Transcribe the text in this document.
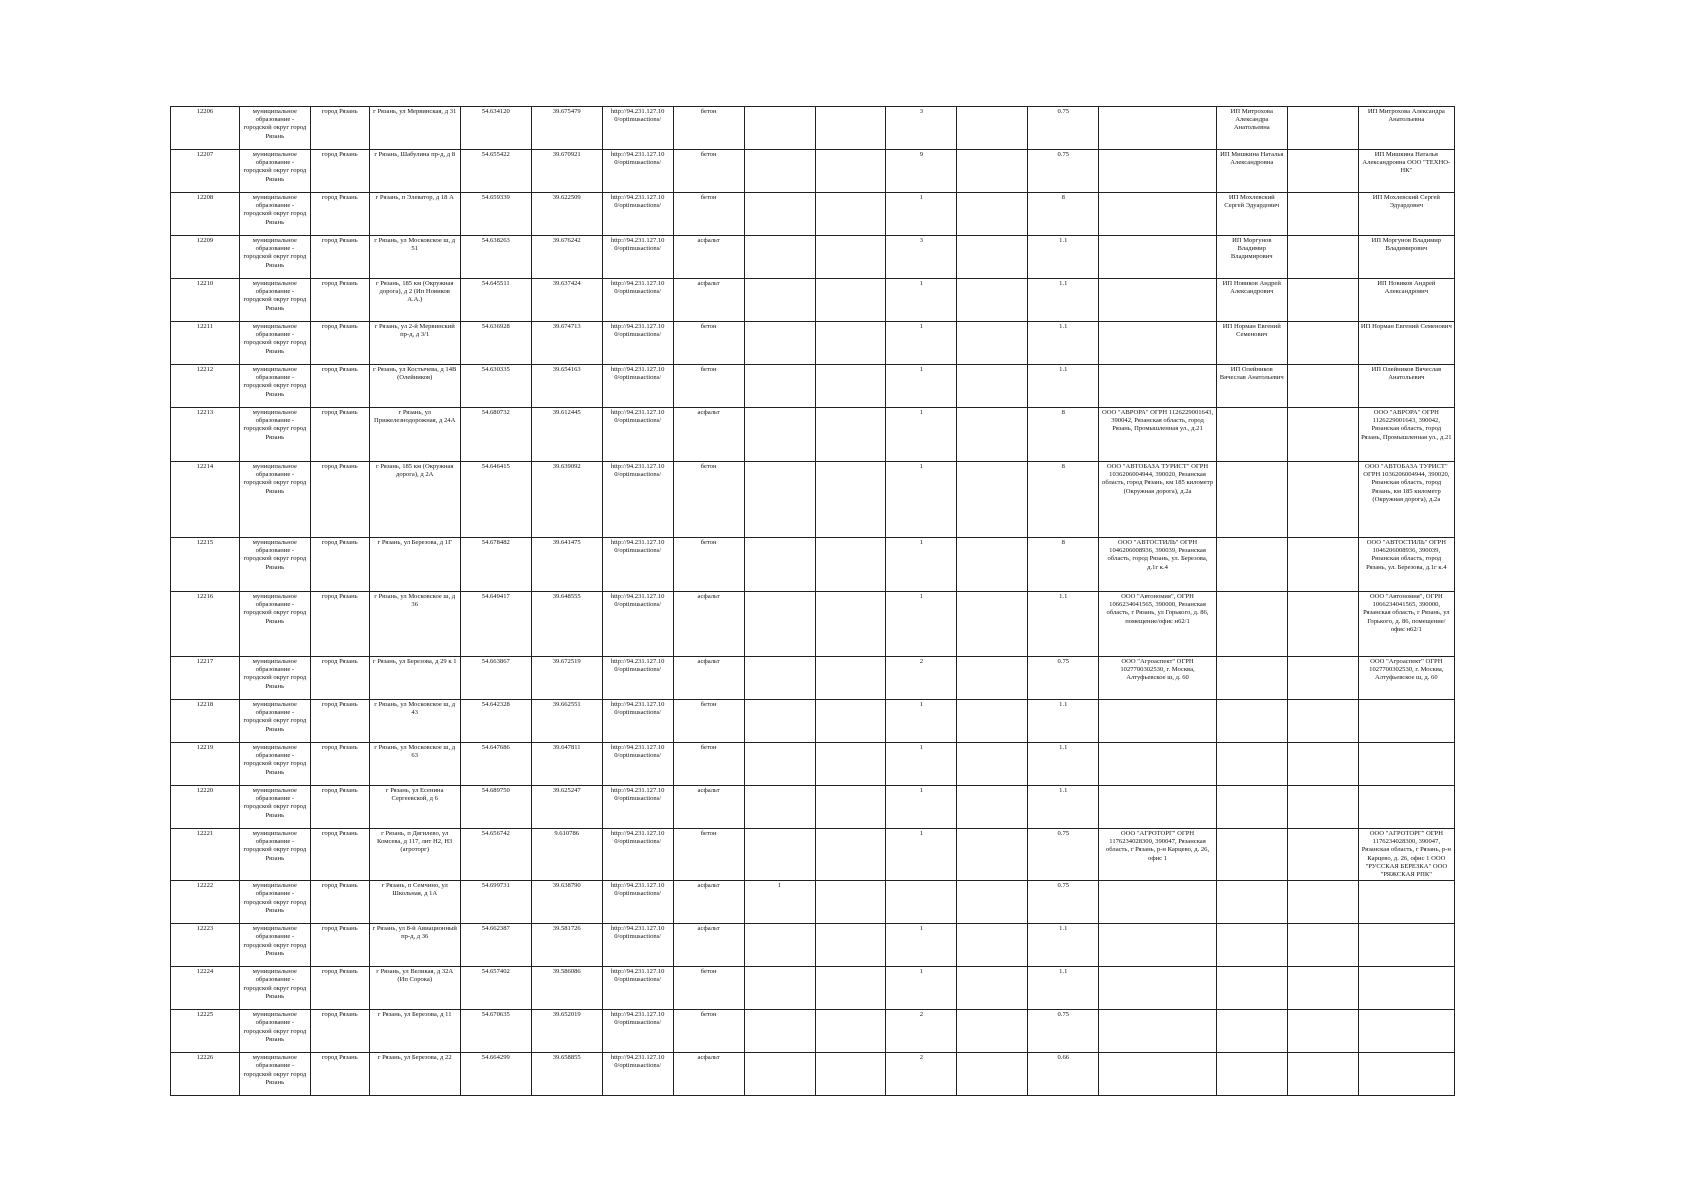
12206	муниципальное образование - городской округ город Рязань	город Рязань	г Рязань, ул Мервинская, д 31	54.634120	39.675479	http://94.231.127.10 0/optimusactions/	бетон			3		0.75		ИП Митрохова Александра Анатольевна		ИП Митрохова Александра Анатольевна
12207	муниципальное образование - городской округ город Рязань	город Рязань	г Рязань, Шабулина пр-д, д 8	54.655422	39.670921	http://94.231.127.10 0/optimusactions/	бетон			9		0.75		ИП Мишкина Наталья Александровна		ИП Мишкина Наталья Александровна ООО "ТЕХНО-НК"
12208	муниципальное образование - городской округ город Рязань	город Рязань	г Рязань, п Элеватор, д 18 А	54.659339	39.622509	http://94.231.127.10 0/optimusactions/	бетон			1		8		ИП Мохлевский Сергей Эдуардович		ИП Мохлевский Сергей Эдуардович
12209	муниципальное образование - городской округ город Рязань	город Рязань	г Рязань, ул Московское ш, д 51	54.638263	39.676242	http://94.231.127.10 0/optimusactions/	асфальт			3		1.1		ИП Моргунов Владимир Владимирович		ИП Моргунов Владимир Владимирович
12210	муниципальное образование - городской округ город Рязань	город Рязань	г Рязань, 185 км (Окружная дорога), д 2 (Ип Новиков А.А.)	54.645511	39.637424	http://94.231.127.10 0/optimusactions/	асфальт			1		1.1		ИП Новиков Андрей Александрович		ИП Новиков Андрей Александрович
12211	муниципальное образование - городской округ город Рязань	город Рязань	г Рязань, ул 2-й Мервинский пр-д, д 3/1	54.636928	39.674713	http://94.231.127.10 0/optimusactions/	бетон			1		1.1		ИП Норман Евгений Семенович		ИП Норман Евгений Семенович
12212	муниципальное образование - городской округ город Рязань	город Рязань	г Рязань, ул Костычева, д 14В (Олейников)	54.630335	39.654163	http://94.231.127.10 0/optimusactions/	бетон			1		1.1		ИП Олейников Вячеслав Анатольевич		ИП Олейников Вячеслав Анатольевич
12213	муниципальное образование - городской округ город Рязань	город Рязань	г Рязань, ул Прижелезнодорожная, д 24А	54.680732	39.612445	http://94.231.127.10 0/optimusactions/	асфальт			1		8	ООО "АВРОРА" ОГРН 1126229001643, 390042, Рязанская область, город Рязань, Промышленная ул., д.21			ООО "АВРОРА" ОГРН 1126229001643, 390042, Рязанская область, город Рязань, Промышленная ул., д.21
12214	муниципальное образование - городской округ город Рязань	город Рязань	г Рязань, 185 км (Окружная дорога), д 2А	54.646415	39.639092	http://94.231.127.10 0/optimusactions/	бетон			1		8	ООО "АВТОБАЗА ТУРИСТ" ОГРН 1036206004944, 390020, Рязанская область, город Рязань, км 185 километр (Окружная дорога), д.2а			ООО "АВТОБАЗА ТУРИСТ" ОГРН 1036206004944, 390020, Рязанская область, город Рязань, км 185 километр (Окружная дорога), д.2а
12215	муниципальное образование - городской округ город Рязань	город Рязань	г Рязань, ул Березова, д 1Г	54.678482	39.641475	http://94.231.127.10 0/optimusactions/	бетон			1		8	ООО "АВТОСТИЛЬ" ОГРН 1046206008936, 390039, Рязанская область, город Рязань, ул. Березова, д.1г к.4			ООО "АВТОСТИЛЬ" ОГРН 1046206008936, 390039, Рязанская область, город Рязань, ул. Березова, д.1г к.4
12216	муниципальное образование - городской округ город Рязань	город Рязань	г Рязань, ул Московское ш, д 36	54.649417	39.648555	http://94.231.127.10 0/optimusactions/	асфальт			1		1.1	ООО "Автономия", ОГРН 1066234041565, 390000, Рязанская область, г Рязань, ул Горького, д. 86, помещение/офис н62/1			ООО "Автономия", ОГРН 1066234041565, 390000, Рязанская область, г Рязань, ул Горького, д. 86, помещение/офис н62/1
12217	муниципальное образование - городской округ город Рязань	город Рязань	г Рязань, ул Березова, д 29 к 1	54.663867	39.672519	http://94.231.127.10 0/optimusactions/	асфальт			2		0.75	ООО "Агроаспект" ОГРН 1027700302530, г. Москва, Алтуфьевское ш, д. 60			ООО "Агроаспект" ОГРН 1027700302530, г. Москва, Алтуфьевское ш, д. 60
12218	муниципальное образование - городской округ город Рязань	город Рязань	г Рязань, ул Московское ш, д 43	54.642328	39.662551	http://94.231.127.10 0/optimusactions/	бетон			1		1.1				
12219	муниципальное образование - городской округ город Рязань	город Рязань	г Рязань, ул Московское ш, д 63	54.647686	39.647811	http://94.231.127.10 0/optimusactions/	бетон			1		1.1				
12220	муниципальное образование - городской округ город Рязань	город Рязань	г Рязань, ул Есенина Сергеевской, д 6	54.689750	39.625247	http://94.231.127.10 0/optimusactions/	асфальт			1		1.1				
12221	муниципальное образование - городской округ город Рязань	город Рязань	г Рязань, п Дягилево, ул Комсева, д 117, лит Н2, Н3 (агроторг)	54.656742	9.610786	http://94.231.127.10 0/optimusactions/	бетон			1		0.75	ООО "АГРОТОРГ" ОГРН 1176234028300, 390047, Рязанская область, г Рязань, р-н Карцево, д. 26, офис 1			ООО "АГРОТОРГ" ОГРН 1176234028300, 390047, Рязанская область, г Рязань, р-н Карцево, д. 26, офис 1 ООО "РУССКАЯ БЕРЕЗКА" ООО "РЯЖСКАЯ РПК"
12222	муниципальное образование - городской округ город Рязань	город Рязань	г Рязань, п Семчино, ул Школьная, д 1А	54.699731	39.638790	http://94.231.127.10 0/optimusactions/	асфальт	1				0.75				
12223	муниципальное образование - городской округ город Рязань	город Рязань	г Рязань, ул 8-й Авиационный пр-д, д 36	54.662387	39.581726	http://94.231.127.10 0/optimusactions/	асфальт			1		1.1				
12224	муниципальное образование - городской округ город Рязань	город Рязань	г Рязань, ул Великая, д 32А (Ип Сорока)	54.657402	39.586086	http://94.231.127.10 0/optimusactions/	бетон			1		1.1				
12225	муниципальное образование - городской округ город Рязань	город Рязань	г Рязань, ул Березова, д 11	54.670635	39.652019	http://94.231.127.10 0/optimusactions/	бетон			2		0.75				
12226	муниципальное образование - городской округ город Рязань	город Рязань	г Рязань, ул Березова, д 22	54.664299	39.658855	http://94.231.127.10 0/optimusactions/	асфальт			2		0.66				
